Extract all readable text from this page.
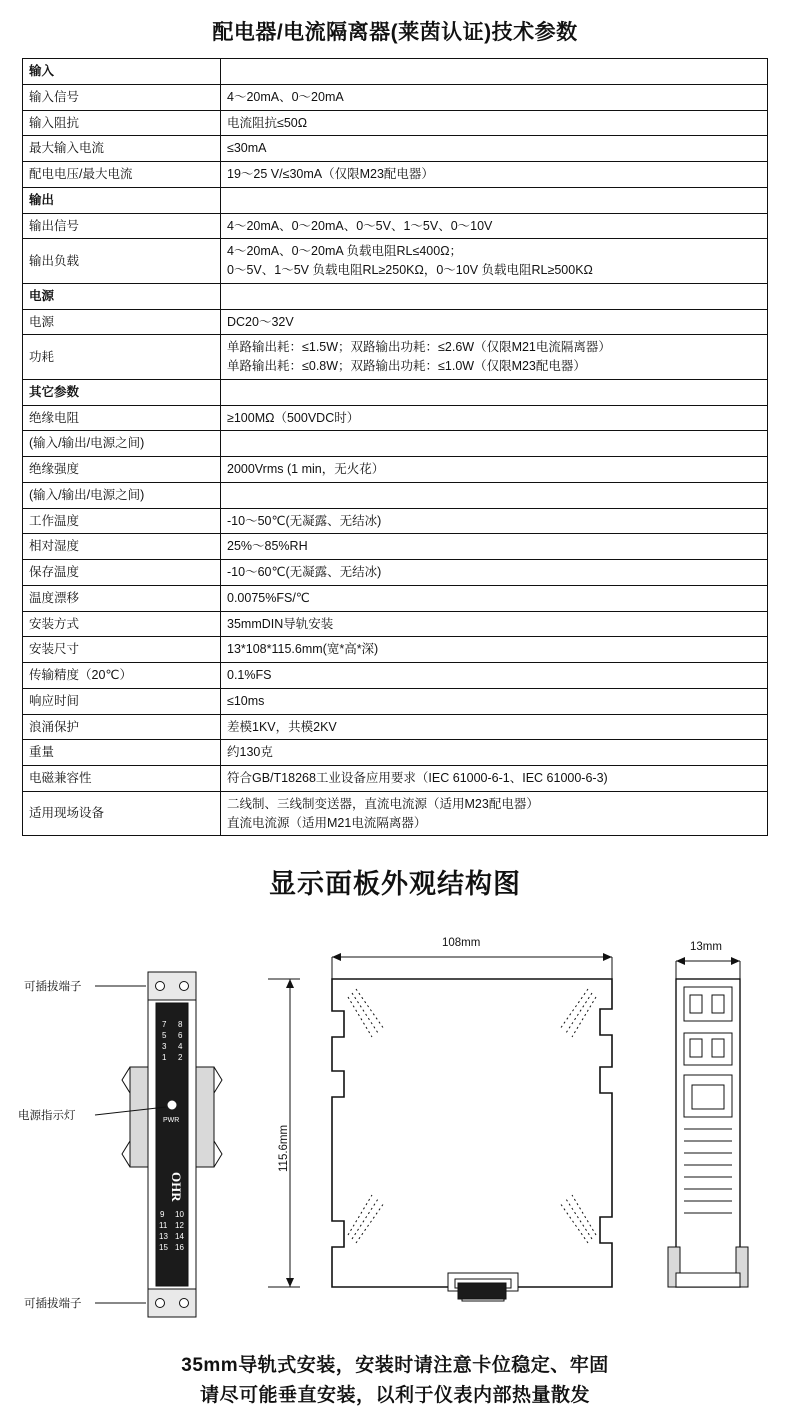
配电器/电流隔离器(莱茵认证)技术参数
输入	
输入信号	4～20mA、0～20mA
输入阻抗	电流阻抗≤50Ω
最大输入电流	≤30mA
配电电压/最大电流	19～25 V/≤30mA（仅限M23配电器）
输出	
输出信号	4～20mA、0～20mA、0～5V、1～5V、0～10V
输出负载	4～20mA、0～20mA 负载电阻RL≤400Ω；
0～5V、1～5V 负载电阻RL≥250KΩ，0～10V 负载电阻RL≥500KΩ

电源	
电源	DC20～32V
功耗	单路输出耗：≤1.5W；双路输出功耗：≤2.6W（仅限M21电流隔离器）
单路输出耗：≤0.8W；双路输出功耗：≤1.0W（仅限M23配电器）

其它参数	
绝缘电阻	≥100MΩ（500VDC时）
(输入/输出/电源之间)	
绝缘强度	2000Vrms (1 min，无火花）
(输入/输出/电源之间)	
工作温度	-10～50℃(无凝露、无结冰)
相对湿度	25%～85%RH
保存温度	-10～60℃(无凝露、无结冰)
温度漂移	0.0075%FS/℃
安装方式	35mmDIN导轨安装
安装尺寸	13*108*115.6mm(宽*高*深)
传输精度（20℃）	0.1%FS
响应时间	≤10ms
浪涌保护	差模1KV，共模2KV
重量	约130克
电磁兼容性	符合GB/T18268工业设备应用要求（IEC 61000-6-1、IEC 61000-6-3)
适用现场设备	二线制、三线制变送器，直流电流源（适用M23配电器）
直流电流源（适用M21电流隔离器）
显示面板外观结构图
7 8
5 6
3 4
1 2
PWR
9 10
11 12
13 14
15 16
OHR
可插拔端子
可插拔端子
电源指示灯
108mm	13mm
115.6mm
35mm导轨式安装，安装时请注意卡位稳定、牢固
请尽可能垂直安装，以利于仪表内部热量散发
